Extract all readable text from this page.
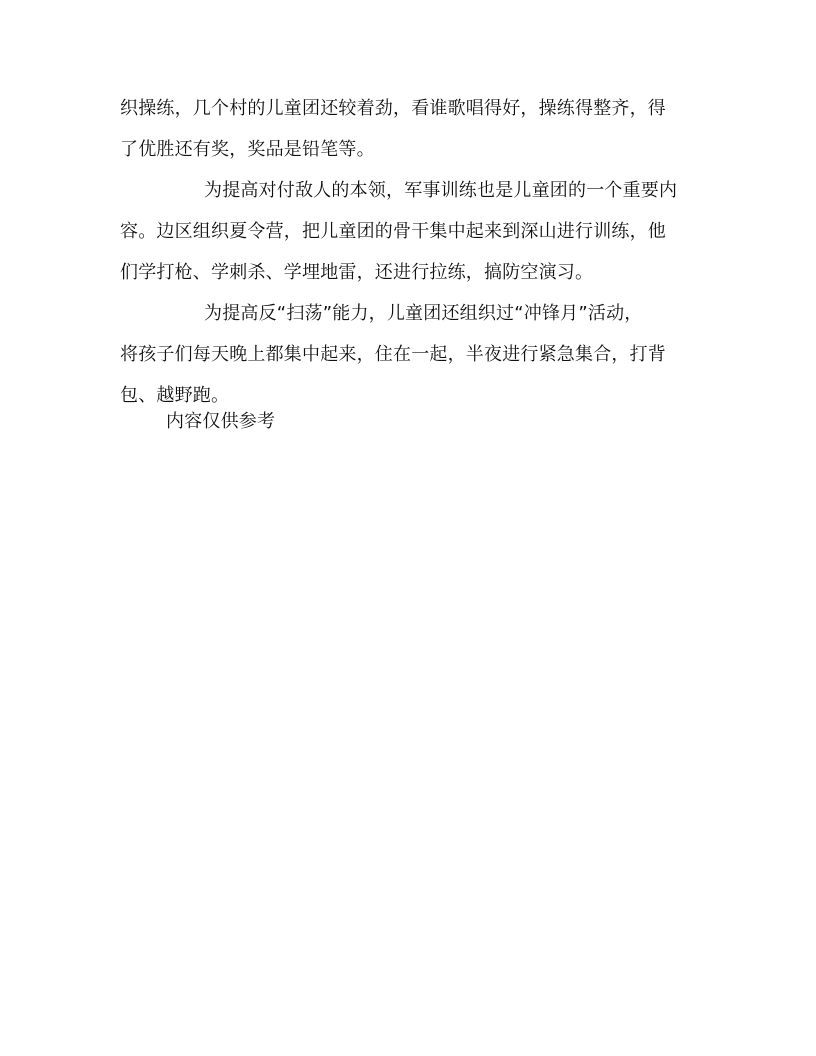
织操练，几个村的儿童团还较着劲，看谁歌唱得好，操练得整齐，得
了优胜还有奖，奖品是铅笔等。
为提高对付敌人的本领，军事训练也是儿童团的一个重要内
容。边区组织夏令营，把儿童团的骨干集中起来到深山进行训练，他
们学打枪、学刺杀、学埋地雷，还进行拉练，搞防空演习。
为提高反“扫荡”能力，儿童团还组织过“冲锋月”活动，
将孩子们每天晚上都集中起来，住在一起，半夜进行紧急集合，打背
包、越野跑。
内容仅供参考
